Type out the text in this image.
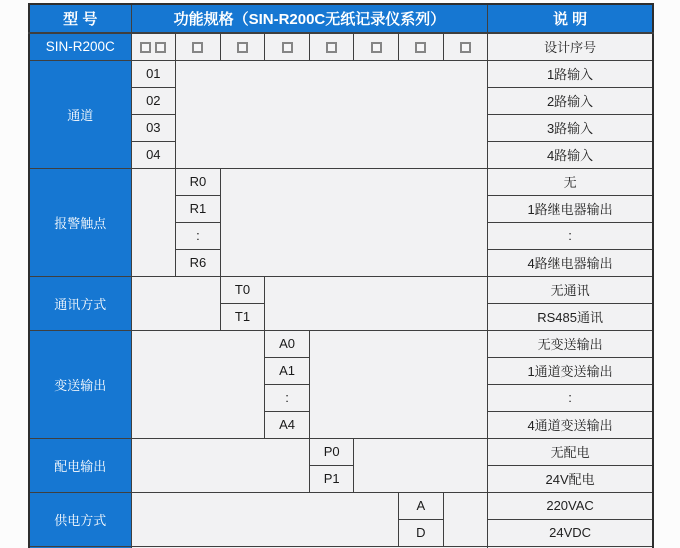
型 号	功能规格（SIN-R200C无纸记录仪系列）								说 明
SIN-R200C									设计序号
通道	01								1路输入
	02								2路输入
	03								3路输入
	04								4路输入
报警触点		R0							无
		R1							1路继电器输出
		:							:
		R6							4路继电器输出
通讯方式			T0						无通讯
			T1						RS485通讯
变送输出				A0					无变送输出
				A1					1通道变送输出
				:					:
				A4					4通道变送输出
配电输出					P0				无配电
					P1				24V配电
供电方式							A		220VAC
							D		24VDC
